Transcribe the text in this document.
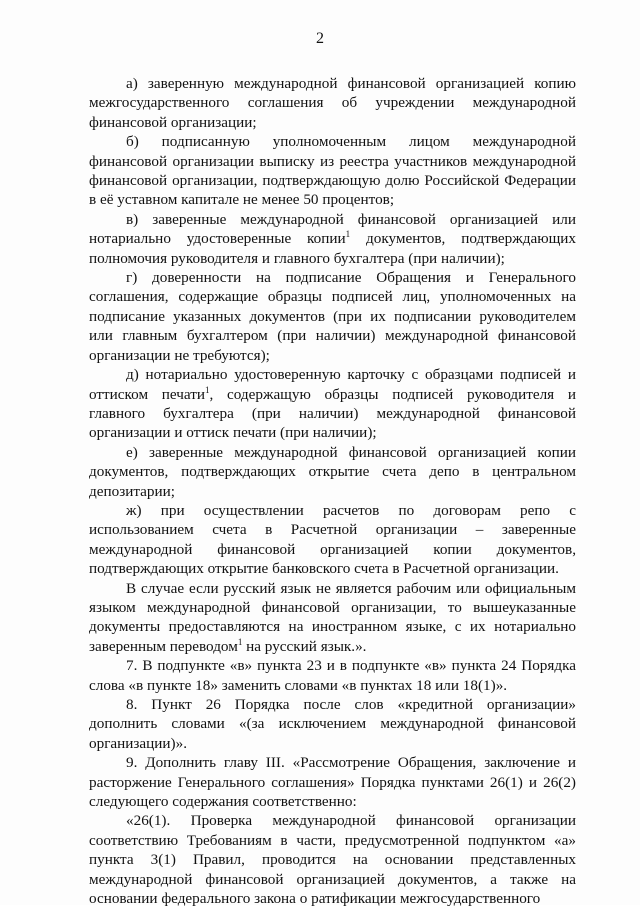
2

а) заверенную международной финансовой организацией копию межгосударственного соглашения об учреждении международной финансовой организации;

б) подписанную уполномоченным лицом международной финансовой организации выписку из реестра участников международной финансовой организации, подтверждающую долю Российской Федерации в её уставном капитале не менее 50 процентов;

в) заверенные международной финансовой организацией или нотариально удостоверенные копии$^1$ документов, подтверждающих полномочия руководителя и главного бухгалтера (при наличии);

г) доверенности на подписание Обращения и Генерального соглашения, содержащие образцы подписей лиц, уполномоченных на подписание указанных документов (при их подписании руководителем или главным бухгалтером (при наличии) международной финансовой организации не требуются);

д) нотариально удостоверенную карточку с образцами подписей и оттиском печати$^1$, содержащую образцы подписей руководителя и главного бухгалтера (при наличии) международной финансовой организации и оттиск печати (при наличии);

е) заверенные международной финансовой организацией копии документов, подтверждающих открытие счета депо в центральном депозитарии;

ж) при осуществлении расчетов по договорам репо с использованием счета в Расчетной организации – заверенные международной финансовой организацией копии документов, подтверждающих открытие банковского счета в Расчетной организации.

В случае если русский язык не является рабочим или официальным языком международной финансовой организации, то вышеуказанные документы предоставляются на иностранном языке, с их нотариально заверенным переводом$^1$ на русский язык.».

7. В подпункте «в» пункта 23 и в подпункте «в» пункта 24 Порядка слова «в пункте 18» заменить словами «в пунктах 18 или 18(1)».

8. Пункт 26 Порядка после слов «кредитной организации» дополнить словами «(за исключением международной финансовой организации)».

9. Дополнить главу III. «Рассмотрение Обращения, заключение и расторжение Генерального соглашения» Порядка пунктами 26(1) и 26(2) следующего содержания соответственно:

«26(1). Проверка международной финансовой организации соответствию Требованиям в части, предусмотренной подпунктом «а» пункта 3(1) Правил, проводится на основании представленных международной финансовой организацией документов, а также на основании федерального закона о ратификации межгосударственного
